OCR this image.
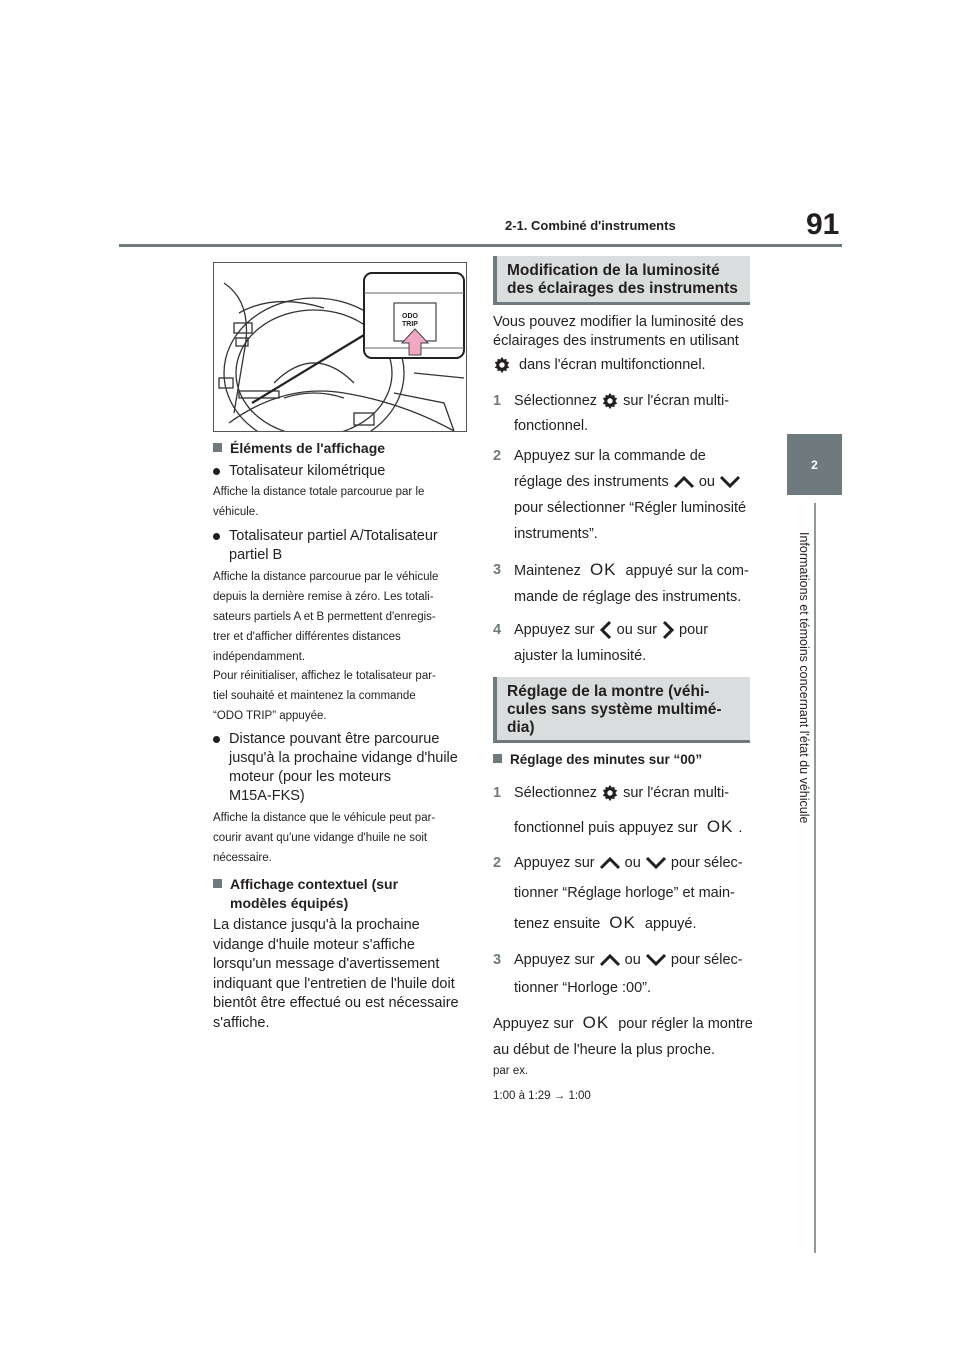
91
2-1. Combiné d'instruments
2
Informations et témoins concernant l'état du véhicule
ODO
TRIP
Éléments de l'affichage
Totalisateur kilométrique
Affiche la distance totale parcourue par le
véhicule.
Totalisateur partiel A/Totalisateur
partiel B
Affiche la distance parcourue par le véhicule
depuis la dernière remise à zéro. Les totali-
sateurs partiels A et B permettent d'enregis-
trer et d'afficher différentes distances
indépendamment.
Pour réinitialiser, affichez le totalisateur par-
tiel souhaité et maintenez la commande
“ODO TRIP” appuyée.
Distance pouvant être parcourue
jusqu'à la prochaine vidange d'huile
moteur (pour les moteurs
M15A-FKS)
Affiche la distance que le véhicule peut par-
courir avant qu'une vidange d'huile ne soit
nécessaire.
Affichage contextuel (sur
modèles équipés)
La distance jusqu'à la prochaine
vidange d'huile moteur s'affiche
lorsqu'un message d'avertissement
indiquant que l'entretien de l'huile doit
bientôt être effectué ou est nécessaire
s'affiche.
Modification de la luminosité
des éclairages des instruments
Vous pouvez modifier la luminosité des
éclairages des instruments en utilisant
dans l'écran multifonctionnel.
1 Sélectionnez sur l'écran multi-
fonctionnel.
2 Appuyez sur la commande de
réglage des instruments ou
pour sélectionner “Régler luminosité
instruments”.
3 Maintenez OK appuyé sur la com-
mande de réglage des instruments.
4 Appuyez sur ou sur pour
ajuster la luminosité.
Réglage de la montre (véhi-
cules sans système multimé-
dia)
Réglage des minutes sur “00”
1 Sélectionnez sur l'écran multi-
fonctionnel puis appuyez sur OK .
2 Appuyez sur ou pour sélec-
tionner “Réglage horloge” et main-
tenez ensuite OK appuyé.
3 Appuyez sur ou pour sélec-
tionner “Horloge :00”.
Appuyez sur OK pour régler la montre
au début de l'heure la plus proche.
par ex.
1:00 à 1:29 → 1:00
